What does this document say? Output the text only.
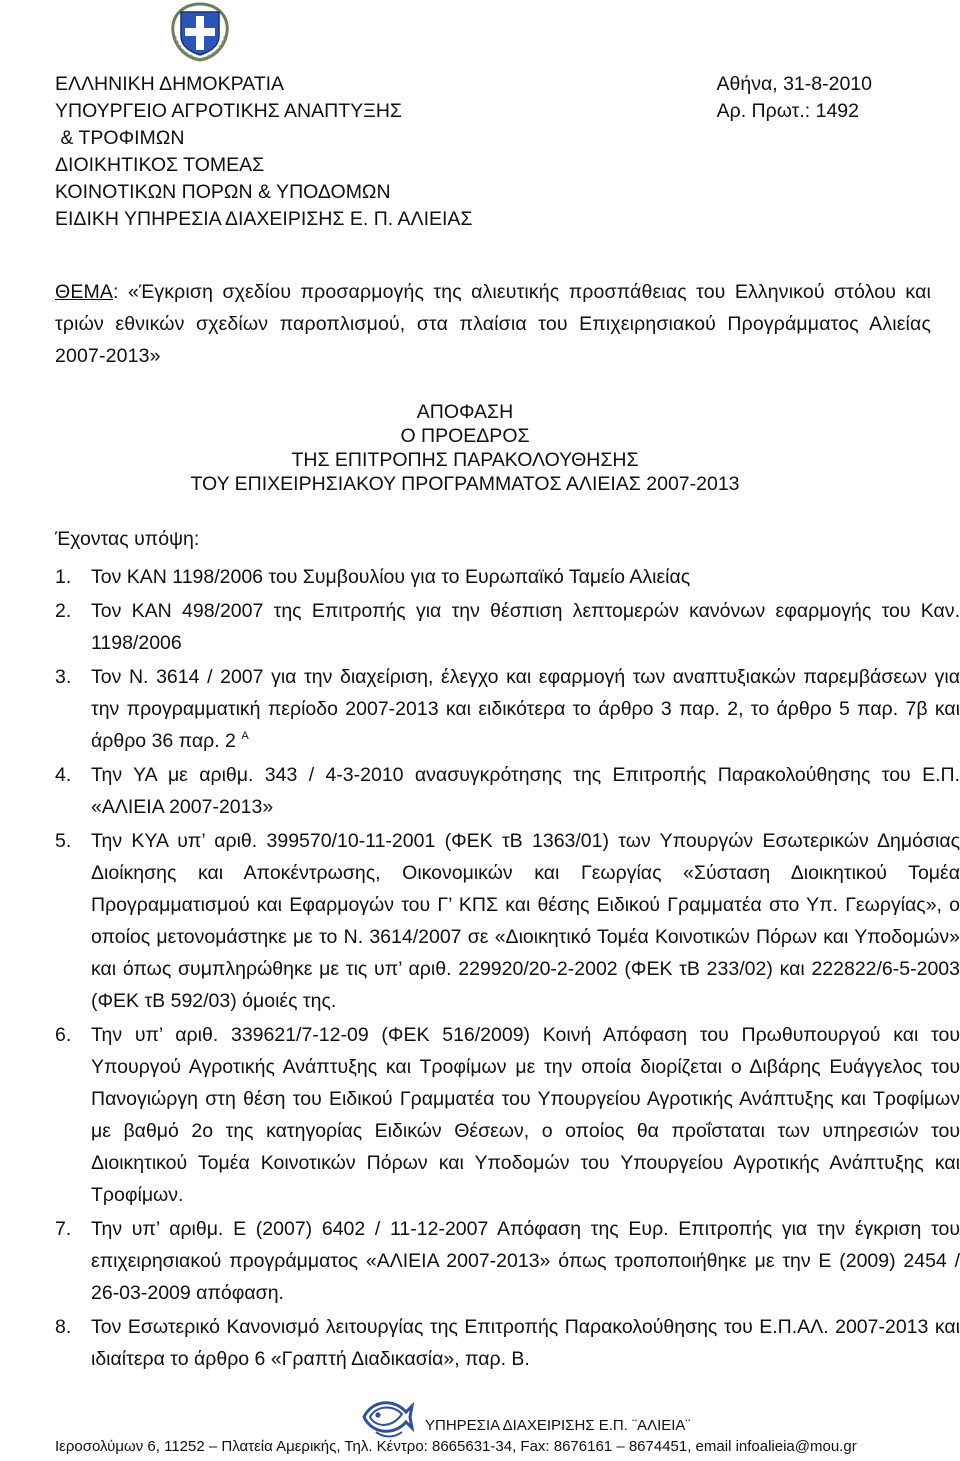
ΕΛΛΗΝΙΚΗ ΔΗΜΟΚΡΑΤΙΑ
ΥΠΟΥΡΓΕΙΟ ΑΓΡΟΤΙΚΗΣ ΑΝΑΠΤΥΞΗΣ
& ΤΡΟΦΙΜΩΝ
ΔΙΟΙΚΗΤΙΚΟΣ ΤΟΜΕΑΣ
ΚΟΙΝΟΤΙΚΩΝ ΠΟΡΩΝ & ΥΠΟΔΟΜΩΝ
ΕΙΔΙΚΗ ΥΠΗΡΕΣΙΑ ΔΙΑΧΕΙΡΙΣΗΣ Ε. Π. ΑΛΙΕΙΑΣ
Αθήνα, 31-8-2010
Αρ. Πρωτ.: 1492
ΘΕΜΑ: «Έγκριση σχεδίου προσαρμογής της αλιευτικής προσπάθειας του Ελληνικού στόλου και τριών εθνικών σχεδίων παροπλισμού, στα πλαίσια του Επιχειρησιακού Προγράμματος Αλιείας 2007-2013»
ΑΠΟΦΑΣΗ
Ο ΠΡΟΕΔΡΟΣ
ΤΗΣ ΕΠΙΤΡΟΠΗΣ ΠΑΡΑΚΟΛΟΥΘΗΣΗΣ
ΤΟΥ ΕΠΙΧΕΙΡΗΣΙΑΚΟΥ ΠΡΟΓΡΑΜΜΑΤΟΣ ΑΛΙΕΙΑΣ 2007-2013
Έχοντας υπόψη:
1. Τον ΚΑΝ 1198/2006 του Συμβουλίου για το Ευρωπαϊκό Ταμείο Αλιείας
2. Τον ΚΑΝ 498/2007 της Επιτροπής για την θέσπιση λεπτομερών κανόνων εφαρμογής του Καν. 1198/2006
3. Τον Ν. 3614 / 2007 για την διαχείριση, έλεγχο και εφαρμογή των αναπτυξιακών παρεμβάσεων για την προγραμματική περίοδο 2007-2013 και ειδικότερα το άρθρο 3 παρ. 2, το άρθρο 5 παρ. 7β και άρθρο 36 παρ. 2 $^A$
4. Την ΥΑ με αριθμ. 343 / 4-3-2010 ανασυγκρότησης της Επιτροπής Παρακολούθησης του Ε.Π. «ΑΛΙΕΙΑ 2007-2013»
5. Την ΚΥΑ υπ’ αριθ. 399570/10-11-2001 (ΦΕΚ τΒ 1363/01) των Υπουργών Εσωτερικών Δημόσιας Διοίκησης και Αποκέντρωσης, Οικονομικών και Γεωργίας «Σύσταση Διοικητικού Τομέα Προγραμματισμού και Εφαρμογών του Γ’ ΚΠΣ και θέσης Ειδικού Γραμματέα στο Υπ. Γεωργίας», ο οποίος μετονομάστηκε με το Ν. 3614/2007 σε «Διοικητικό Τομέα Κοινοτικών Πόρων και Υποδομών» και όπως συμπληρώθηκε με τις υπ’ αριθ. 229920/20-2-2002 (ΦΕΚ τΒ 233/02) και 222822/6-5-2003 (ΦΕΚ τΒ 592/03) όμοιές της.
6. Την υπ’ αριθ. 339621/7-12-09 (ΦΕΚ 516/2009) Κοινή Απόφαση του Πρωθυπουργού και του Υπουργού Αγροτικής Ανάπτυξης και Τροφίμων με την οποία διορίζεται ο Διβάρης Ευάγγελος του Πανογιώργη στη θέση του Ειδικού Γραμματέα του Υπουργείου Αγροτικής Ανάπτυξης και Τροφίμων με βαθμό 2ο της κατηγορίας Ειδικών Θέσεων, ο οποίος θα προΐσταται των υπηρεσιών του Διοικητικού Τομέα Κοινοτικών Πόρων και Υποδομών του Υπουργείου Αγροτικής Ανάπτυξης και Τροφίμων.
7. Την υπ’ αριθμ. Ε (2007) 6402 / 11-12-2007 Απόφαση της Ευρ. Επιτροπής για την έγκριση του επιχειρησιακού προγράμματος «ΑΛΙΕΙΑ 2007-2013» όπως τροποποιήθηκε με την Ε (2009) 2454 / 26-03-2009 απόφαση.
8. Τον Εσωτερικό Κανονισμό λειτουργίας της Επιτροπής Παρακολούθησης του Ε.Π.ΑΛ. 2007-2013 και ιδιαίτερα το άρθρο 6 «Γραπτή Διαδικασία», παρ. Β.
ΥΠΗΡΕΣΙΑ ΔΙΑΧΕΙΡΙΣΗΣ Ε.Π. ¨ΑΛΙΕΙΑ¨
Ιεροσολύμων 6, 11252 – Πλατεία Αμερικής, Τηλ. Κέντρο: 8665631-34, Fax: 8676161 – 8674451, email infoalieia@mou.gr
